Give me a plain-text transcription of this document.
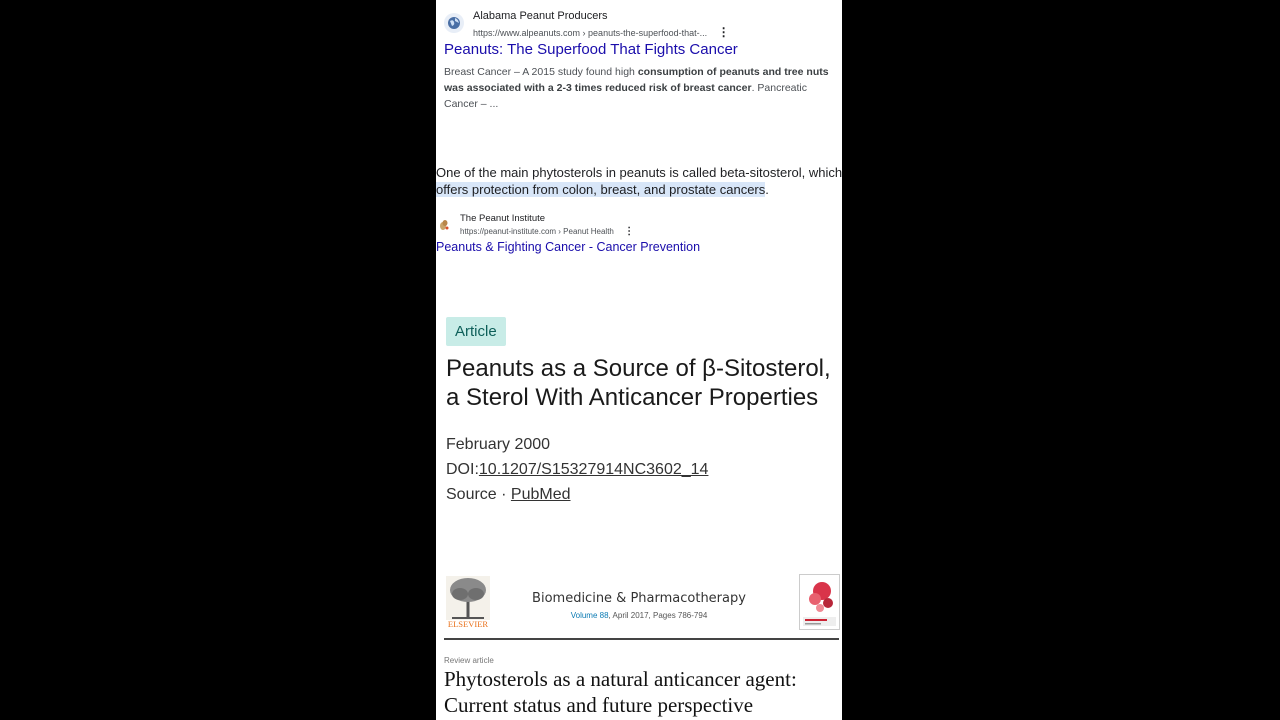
Alabama Peanut Producers
https://www.alpeanuts.com › peanuts-the-superfood-that-... ⋮
Peanuts: The Superfood That Fights Cancer
Breast Cancer – A 2015 study found high consumption of peanuts and tree nuts was associated with a 2-3 times reduced risk of breast cancer. Pancreatic Cancer – ...
One of the main phytosterols in peanuts is called beta-sitosterol, which
offers protection from colon, breast, and prostate cancers.
The Peanut Institute
https://peanut-institute.com › Peanut Health ⋮
Peanuts & Fighting Cancer - Cancer Prevention
Article
Peanuts as a Source of β-Sitosterol, a Sterol With Anticancer Properties
February 2000
DOI:10.1207/S15327914NC3602_14
Source · PubMed
ELSEVIER
Biomedicine & Pharmacotherapy
Volume 88, April 2017, Pages 786-794
Review article
Phytosterols as a natural anticancer agent: Current status and future perspective
